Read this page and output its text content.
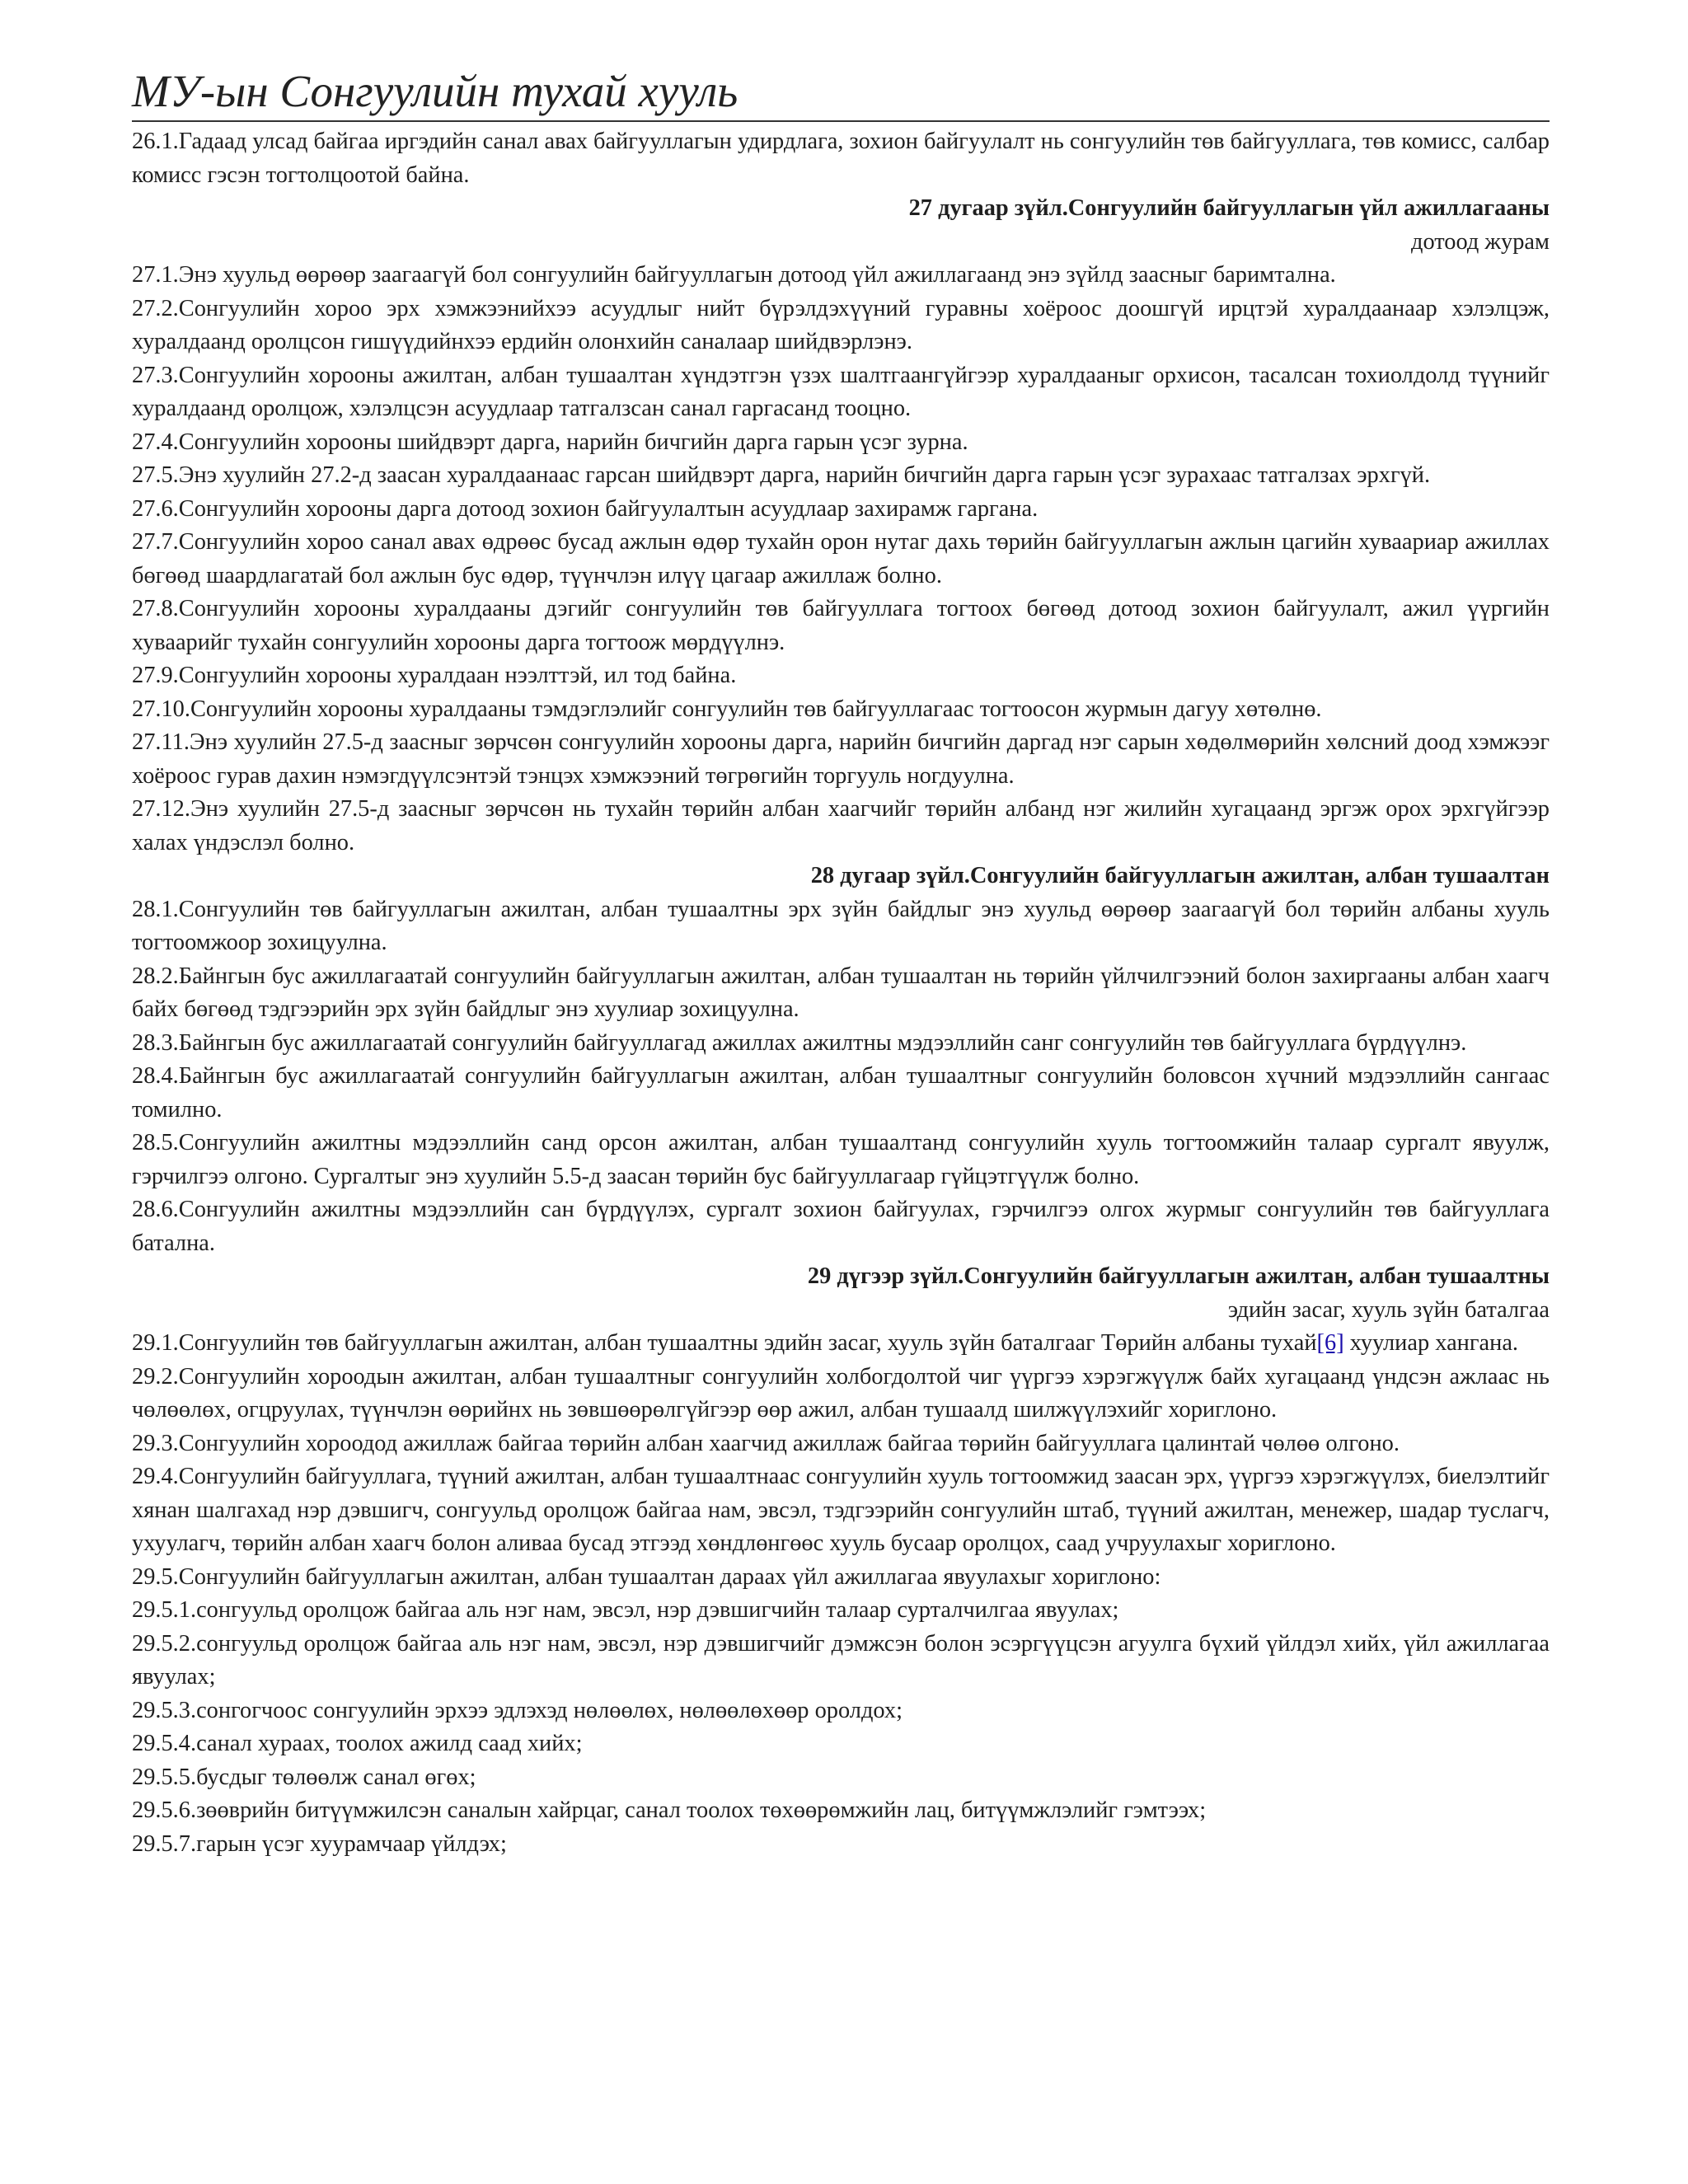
МУ-ын Сонгуулийн тухай хууль

26.1.Гадаад улсад байгаа иргэдийн санал авах байгууллагын удирдлага, зохион байгуулалт нь сонгуулийн төв байгууллага, төв комисс, салбар комисс гэсэн тогтолцоотой байна.

27 дугаар зүйл.Сонгуулийн байгууллагын үйл ажиллагааны

дотоод журам

27.1.Энэ хуульд өөрөөр заагаагүй бол сонгуулийн байгууллагын дотоод үйл ажиллагаанд энэ зүйлд заасныг баримталнa.

27.2.Сонгуулийн хороо эрх хэмжээнийхээ асуудлыг нийт бүрэлдэхүүний гуравны хоёроос доошгүй ирцтэй хуралдаанаар хэлэлцэж, хуралдаанд оролцсон гишүүдийнхээ ердийн олонхийн саналаар шийдвэрлэнэ.

27.3.Сонгуулийн хорооны ажилтан, албан тушаалтан хүндэтгэн үзэх шалтгаангүйгээр хуралдааныг орхисон, тасалсан тохиолдолд түүнийг хуралдаанд оролцож, хэлэлцсэн асуудлаар татгалзсан санал гаргасанд тооцно.

27.4.Сонгуулийн хорооны шийдвэрт дарга, нарийн бичгийн дарга гарын үсэг зурна.

27.5.Энэ хуулийн 27.2-д заасан хуралдаанаас гарсан шийдвэрт дарга, нарийн бичгийн дарга гарын үсэг зурахаас татгалзах эрхгүй.

27.6.Сонгуулийн хорооны дарга дотоод зохион байгуулалтын асуудлаар захирамж гаргана.

27.7.Сонгуулийн хороо санал авах өдрөөс бусад ажлын өдөр тухайн орон нутаг дахь төрийн байгууллагын ажлын цагийн хуваариар ажиллах бөгөөд шаардлагатай бол ажлын бус өдөр, түүнчлэн илүү цагаар ажиллаж болно.

27.8.Сонгуулийн хорооны хуралдааны дэгийг сонгуулийн төв байгууллага тогтоох бөгөөд дотоод зохион байгуулалт, ажил үүргийн хуваарийг тухайн сонгуулийн хорооны дарга тогтоож мөрдүүлнэ.

27.9.Сонгуулийн хорооны хуралдаан нээлттэй, ил тод байна.

27.10.Сонгуулийн хорооны хуралдааны тэмдэглэлийг сонгуулийн төв байгууллагаас тогтоосон журмын дагуу хөтөлнө.

27.11.Энэ хуулийн 27.5-д заасныг зөрчсөн сонгуулийн хорооны дарга, нарийн бичгийн даргад нэг сарын хөдөлмөрийн хөлсний доод хэмжээг хоёроос гурав дахин нэмэгдүүлсэнтэй тэнцэх хэмжээний төгрөгийн торгууль ногдуулна.

27.12.Энэ хуулийн 27.5-д заасныг зөрчсөн нь тухайн төрийн албан хаагчийг төрийн албанд нэг жилийн хугацаанд эргэж орох эрхгүйгээр халах үндэслэл болно.

28 дугаар зүйл.Сонгуулийн байгууллагын ажилтан, албан тушаалтан

28.1.Сонгуулийн төв байгууллагын ажилтан, албан тушаалтны эрх зүйн байдлыг энэ хуульд өөрөөр заагаагүй бол төрийн албаны хууль тогтоомжоор зохицуулна.

28.2.Байнгын бус ажиллагаатай сонгуулийн байгууллагын ажилтан, албан тушаалтан нь төрийн үйлчилгээний болон захиргааны албан хаагч байх бөгөөд тэдгээрийн эрх зүйн байдлыг энэ хуулиар зохицуулна.

28.3.Байнгын бус ажиллагаатай сонгуулийн байгууллагад ажиллах ажилтны мэдээллийн санг сонгуулийн төв байгууллага бүрдүүлнэ.

28.4.Байнгын бус ажиллагаатай сонгуулийн байгууллагын ажилтан, албан тушаалтныг сонгуулийн боловсон хүчний мэдээллийн сангаас томилно.

28.5.Сонгуулийн ажилтны мэдээллийн санд орсон ажилтан, албан тушаалтанд сонгуулийн хууль тогтоомжийн талаар сургалт явуулж, гэрчилгээ олгоно. Сургалтыг энэ хуулийн 5.5-д заасан төрийн бус байгууллагаар гүйцэтгүүлж болно.

28.6.Сонгуулийн ажилтны мэдээллийн сан бүрдүүлэх, сургалт зохион байгуулах, гэрчилгээ олгох журмыг сонгуулийн төв байгууллага батална.

29 дүгээр зүйл.Сонгуулийн байгууллагын ажилтан, албан тушаалтны

эдийн засаг, хууль зүйн баталгаа

29.1.Сонгуулийн төв байгууллагын ажилтан, албан тушаалтны эдийн засаг, хууль зүйн баталгааг Төрийн албаны тухай[6] хуулиар хангана.

29.2.Сонгуулийн хороодын ажилтан, албан тушаалтныг сонгуулийн холбогдолтой чиг үүргээ хэрэгжүүлж байх хугацаанд үндсэн ажлаас нь чөлөөлөх, огцруулах, түүнчлэн өөрийнх нь зөвшөөрөлгүйгээр өөр ажил, албан тушаалд шилжүүлэхийг хориглоно.

29.3.Сонгуулийн хороодод ажиллаж байгаа төрийн албан хаагчид ажиллаж байгаа төрийн байгууллага цалинтай чөлөө олгоно.

29.4.Сонгуулийн байгууллага, түүний ажилтан, албан тушаалтнаас сонгуулийн хууль тогтоомжид заасан эрх, үүргээ хэрэгжүүлэх, биелэлтийг хянан шалгахад нэр дэвшигч, сонгуульд оролцож байгаа нам, эвсэл, тэдгээрийн сонгуулийн штаб, түүний ажилтан, менежер, шадар туслагч, ухуулагч, төрийн албан хаагч болон аливаа бусад этгээд хөндлөнгөөс хууль бусаар оролцох, саад учруулахыг хориглоно.

29.5.Сонгуулийн байгууллагын ажилтан, албан тушаалтан дараах үйл ажиллагаа явуулахыг хориглоно:

29.5.1.сонгуульд оролцож байгаа аль нэг нам, эвсэл, нэр дэвшигчийн талаар сурталчилгаа явуулах;

29.5.2.сонгуульд оролцож байгаа аль нэг нам, эвсэл, нэр дэвшигчийг дэмжсэн болон эсэргүүцсэн агуулга бүхий үйлдэл хийх, үйл ажиллагаа явуулах;

29.5.3.сонгогчоос сонгуулийн эрхээ эдлэхэд нөлөөлөх, нөлөөлөхөөр оролдох;

29.5.4.санал хураах, тоолох ажилд саад хийх;

29.5.5.бусдыг төлөөлж санал өгөх;

29.5.6.зөөврийн битүүмжилсэн саналын хайрцаг, санал тоолох төхөөрөмжийн лац, битүүмжлэлийг гэмтээх;

29.5.7.гарын үсэг хуурамчаар үйлдэх;
